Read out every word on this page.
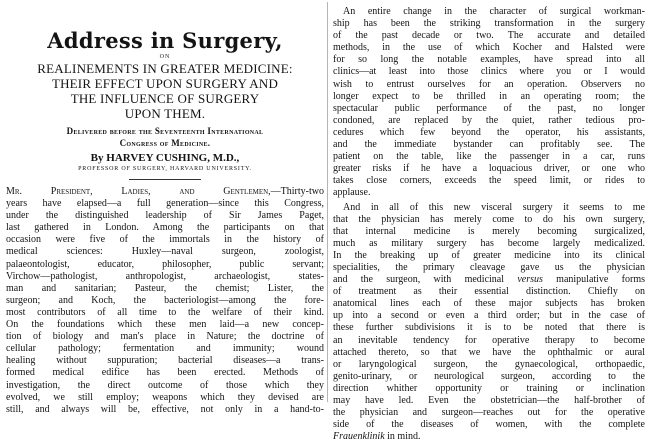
Address in Surgery,

ON

REALINEMENTS IN GREATER MEDICINE:

THEIR EFFECT UPON SURGERY AND

THE INFLUENCE OF SURGERY

UPON THEM.

Delivered before the Seventeenth International

Congress of Medicine.

By HARVEY CUSHING, M.D.,

PROFESSOR OF SURGERY, HARVARD UNIVERSITY.

Mr. President, Ladies, and Gentlemen,—Thirty-two
years have elapsed—a full generation—since this Congress,
under the distinguished leadership of Sir James Paget,
last gathered in London. Among the participants on that
occasion were five of the immortals in the history of
medical sciences: Huxley—naval surgeon, zoologist,
palaeontologist, educator, philosopher, public servant;
Virchow—pathologist, anthropologist, archaeologist, states-
man and sanitarian; Pasteur, the chemist; Lister, the
surgeon; and Koch, the bacteriologist—among the fore-
most contributors of all time to the welfare of their kind.
On the foundations which these men laid—a new concep-
tion of biology and man's place in Nature; the doctrine of
cellular pathology; fermentation and immunity; wound
healing without suppuration; bacterial diseases—a trans-
formed medical edifice has been erected. Methods of
investigation, the direct outcome of those which they
evolved, we still employ; weapons which they devised are
still, and always will be, effective, not only in a hand-to-
An entire change in the character of surgical workman-
ship has been the striking transformation in the surgery
of the past decade or two. The accurate and detailed
methods, in the use of which Kocher and Halsted were
for so long the notable examples, have spread into all
clinics—at least into those clinics where you or I would
wish to entrust ourselves for an operation. Observers no
longer expect to be thrilled in an operating room; the
spectacular public performance of the past, no longer
condoned, are replaced by the quiet, rather tedious pro-
cedures which few beyond the operator, his assistants,
and the immediate bystander can profitably see. The
patient on the table, like the passenger in a car, runs
greater risks if he have a loquacious driver, or one who
takes close corners, exceeds the speed limit, or rides to
applause.
And in all of this new visceral surgery it seems to me
that the physician has merely come to do his own surgery,
that internal medicine is merely becoming surgicalized,
much as military surgery has become largely medicalized.
In the breaking up of greater medicine into its clinical
specialities, the primary cleavage gave us the physician
and the surgeon, with medicinal versus manipulative forms
of treatment as their essential distinction. Chiefly on
anatomical lines each of these major subjects has broken
up into a second or even a third order; but in the case of
these further subdivisions it is to be noted that there is
an inevitable tendency for operative therapy to become
attached thereto, so that we have the ophthalmic or aural
or laryngological surgeon, the gynaecological, orthopaedic,
genito-urinary, or neurological surgeon, according to the
direction whither opportunity or training or inclination
may have led. Even the obstetrician—the half-brother of
the physician and surgeon—reaches out for the operative
side of the diseases of women, with the complete
Frauenklinik in mind.
